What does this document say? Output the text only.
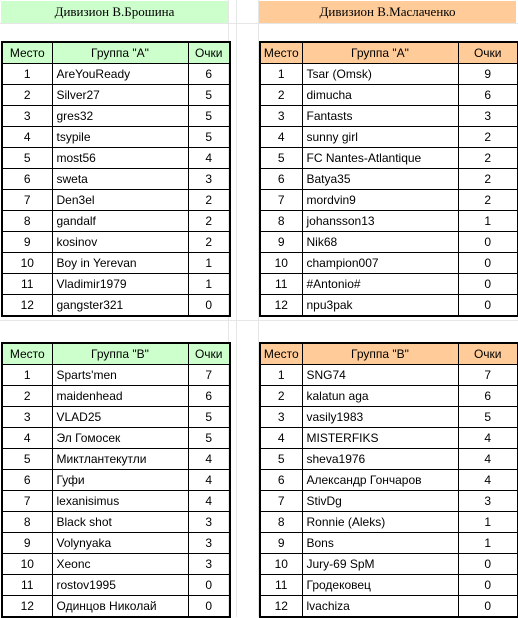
Дивизион В.Брошина	Дивизион В.Маслаченко
Место	Группа "А"	Очки
1	AreYouReady	6
2	Silver27	5
3	gres32	5
4	tsypile	5
5	most56	4
6	sweta	3
7	Den3el	2
8	gandalf	2
9	kosinov	2
10	Boy in Yerevan	1
11	Vladimir1979	1
12	gangster321	0
Место	Группа "В"	Очки
1	Sparts'men	7
2	maidenhead	6
3	VLAD25	5
4	Эл Гомосек	5
5	Миктлантекутли	4
6	Гуфи	4
7	lexanisimus	4
8	Black shot	3
9	Volynyaka	3
10	Xeonc	3
11	rostov1995	0
12	Одинцов Николай	0
Место	Группа "А"	Очки
1	Tsar (Omsk)	9
2	dimucha	6
3	Fantasts	3
4	sunny girl	2
5	FC Nantes-Atlantique	2
6	Batya35	2
7	mordvin9	2
8	johansson13	1
9	Nik68	0
10	champion007	0
11	#Antonio#	0
12	npu3pak	0
Место	Группа "В"	Очки
1	SNG74	7
2	kalatun aga	6
3	vasily1983	5
4	MISTERFIKS	4
5	sheva1976	4
6	Александр Гончаров	4
7	StivDg	3
8	Ronnie (Aleks)	1
9	Bons	1
10	Jury-69 SpM	0
11	Гродековец	0
12	lvachiza	0
